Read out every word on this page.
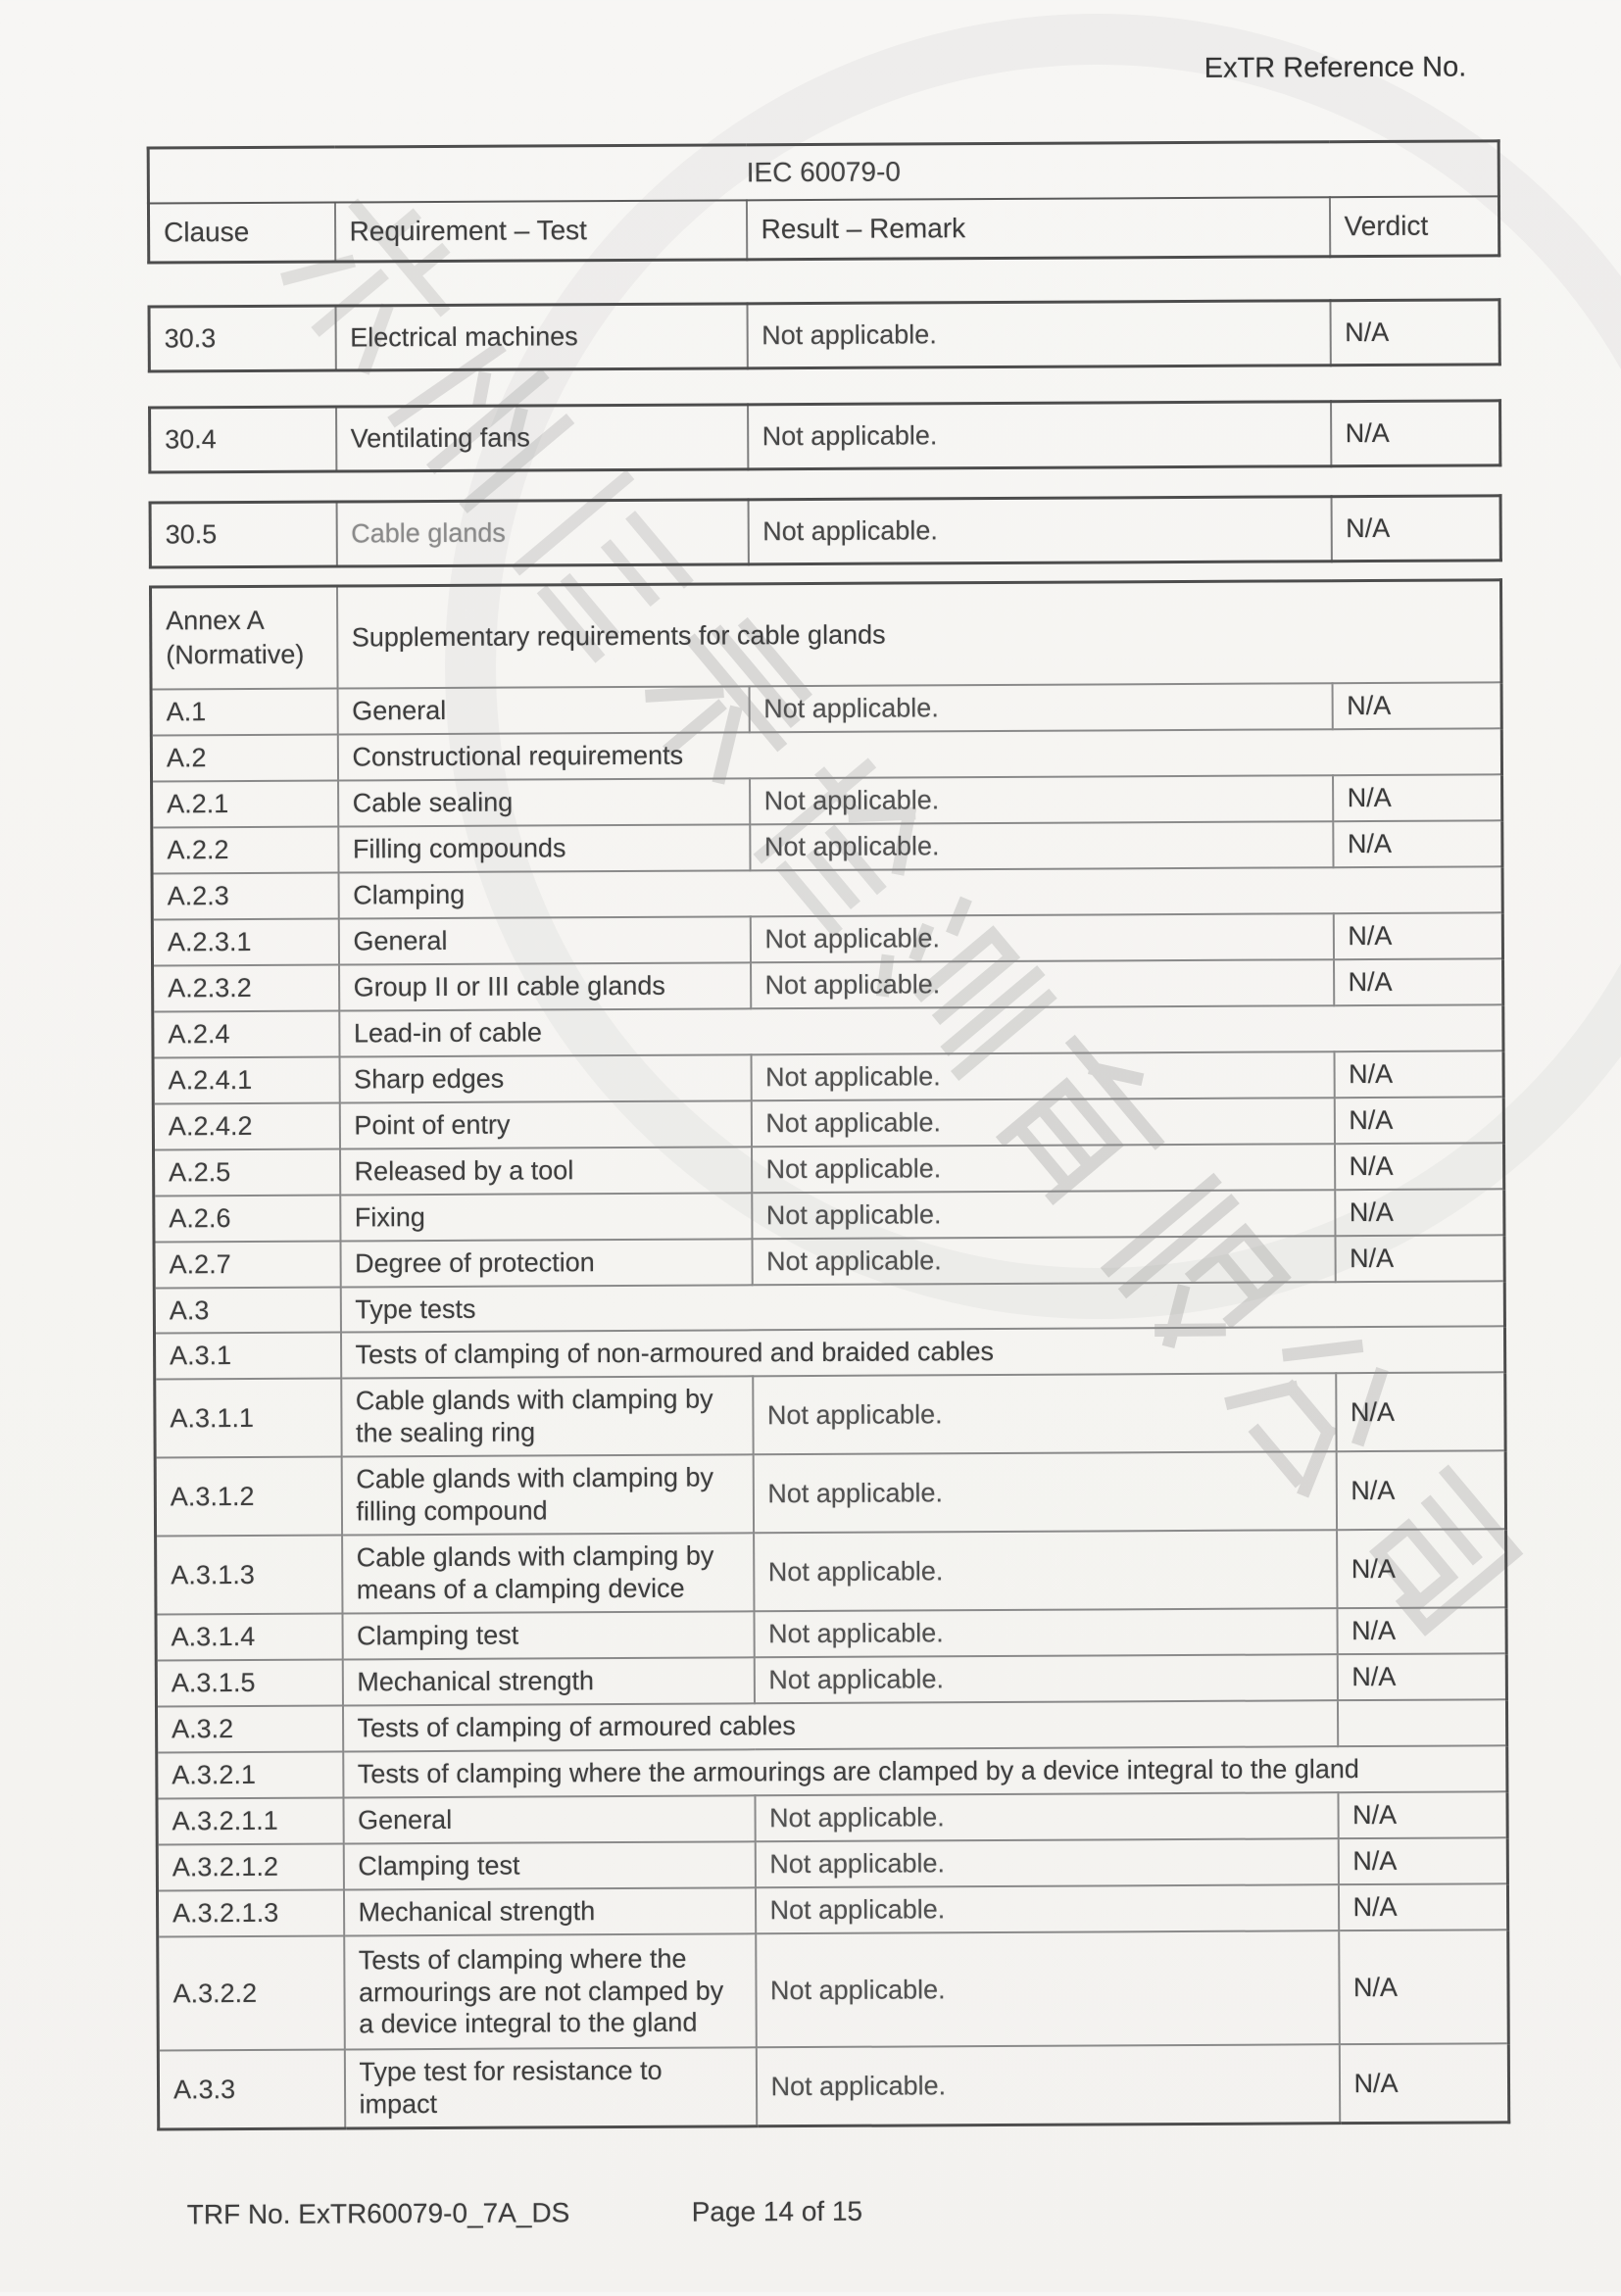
ExTR Reference No.
IEC 60079-0
Clause	Requirement – Test	Result – Remark	Verdict
30.3	Electrical machines	Not applicable.	N/A
30.4	Ventilating fans	Not applicable.	N/A
30.5	Cable glands	Not applicable.	N/A
Annex A
(Normative)	Supplementary requirements for cable glands		
A.1	General	Not applicable.	N/A
A.2	Constructional requirements		
A.2.1	Cable sealing	Not applicable.	N/A
A.2.2	Filling compounds	Not applicable.	N/A
A.2.3	Clamping		
A.2.3.1	General	Not applicable.	N/A
A.2.3.2	Group II or III cable glands	Not applicable.	N/A
A.2.4	Lead-in of cable		
A.2.4.1	Sharp edges	Not applicable.	N/A
A.2.4.2	Point of entry	Not applicable.	N/A
A.2.5	Released by a tool	Not applicable.	N/A
A.2.6	Fixing	Not applicable.	N/A
A.2.7	Degree of protection	Not applicable.	N/A
A.3	Type tests		
A.3.1	Tests of clamping of non-armoured and braided cables		
A.3.1.1	Cable glands with clamping by the sealing ring	Not applicable.	N/A
A.3.1.2	Cable glands with clamping by filling compound	Not applicable.	N/A
A.3.1.3	Cable glands with clamping by means of a clamping device	Not applicable.	N/A
A.3.1.4	Clamping test	Not applicable.	N/A
A.3.1.5	Mechanical strength	Not applicable.	N/A
A.3.2	Tests of clamping of armoured cables		
A.3.2.1	Tests of clamping where the armourings are clamped by a device integral to the gland		
A.3.2.1.1	General	Not applicable.	N/A
A.3.2.1.2	Clamping test	Not applicable.	N/A
A.3.2.1.3	Mechanical strength	Not applicable.	N/A
A.3.2.2	Tests of clamping where the armourings are not clamped by a device integral to the gland	Not applicable.	N/A
A.3.3	Type test for resistance to impact	Not applicable.	N/A
TRF No. ExTR60079-0_7A_DS	Page 14 of 15
